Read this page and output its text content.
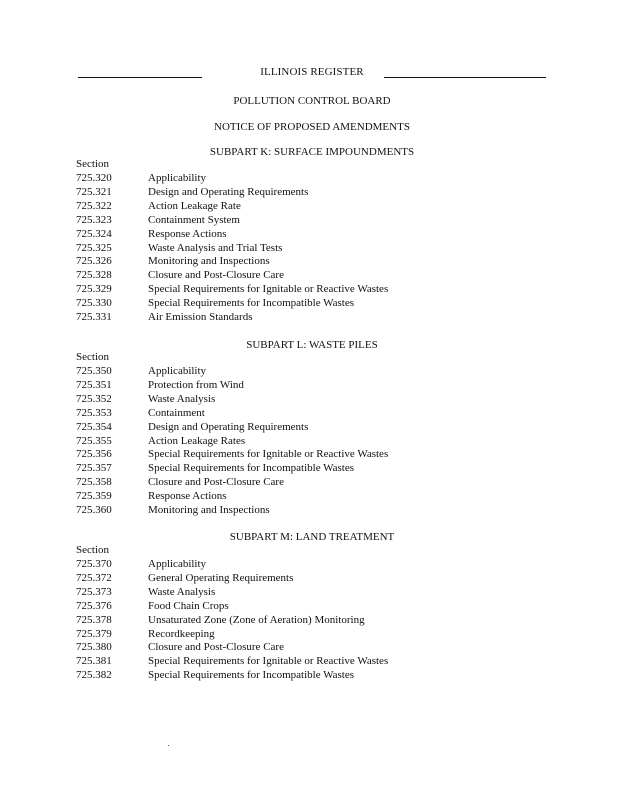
ILLINOIS REGISTER
POLLUTION CONTROL BOARD
NOTICE OF PROPOSED AMENDMENTS
SUBPART K: SURFACE IMPOUNDMENTS
Section
725.320	Applicability
725.321	Design and Operating Requirements
725.322	Action Leakage Rate
725.323	Containment System
725.324	Response Actions
725.325	Waste Analysis and Trial Tests
725.326	Monitoring and Inspections
725.328	Closure and Post-Closure Care
725.329	Special Requirements for Ignitable or Reactive Wastes
725.330	Special Requirements for Incompatible Wastes
725.331	Air Emission Standards
SUBPART L: WASTE PILES
Section
725.350	Applicability
725.351	Protection from Wind
725.352	Waste Analysis
725.353	Containment
725.354	Design and Operating Requirements
725.355	Action Leakage Rates
725.356	Special Requirements for Ignitable or Reactive Wastes
725.357	Special Requirements for Incompatible Wastes
725.358	Closure and Post-Closure Care
725.359	Response Actions
725.360	Monitoring and Inspections
SUBPART M: LAND TREATMENT
Section
725.370	Applicability
725.372	General Operating Requirements
725.373	Waste Analysis
725.376	Food Chain Crops
725.378	Unsaturated Zone (Zone of Aeration) Monitoring
725.379	Recordkeeping
725.380	Closure and Post-Closure Care
725.381	Special Requirements for Ignitable or Reactive Wastes
725.382	Special Requirements for Incompatible Wastes
